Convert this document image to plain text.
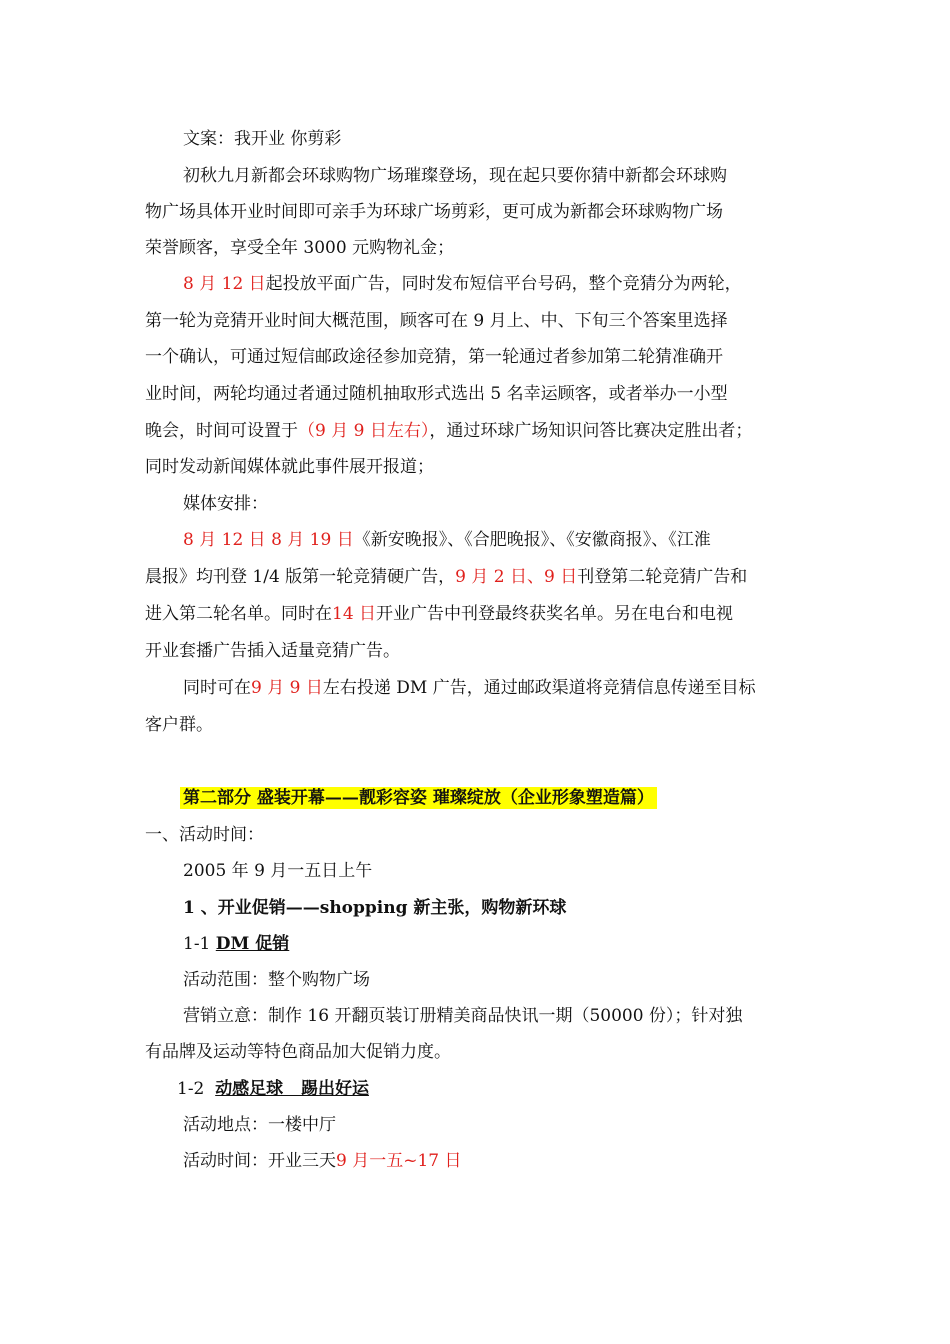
文案：我开业 你剪彩
初秋九月新都会环球购物广场璀璨登场，现在起只要你猜中新都会环球购
物广场具体开业时间即可亲手为环球广场剪彩，更可成为新都会环球购物广场
荣誉顾客，享受全年 3000 元购物礼金；
8 月 12 日起投放平面广告，同时发布短信平台号码，整个竞猜分为两轮，
第一轮为竞猜开业时间大概范围，顾客可在 9 月上、中、下旬三个答案里选择
一个确认，可通过短信邮政途径参加竞猜，第一轮通过者参加第二轮猜准确开
业时间，两轮均通过者通过随机抽取形式选出 5 名幸运顾客，或者举办一小型
晚会，时间可设置于（9 月 9 日左右），通过环球广场知识问答比赛决定胜出者；
同时发动新闻媒体就此事件展开报道；
媒体安排：
8 月 12 日 8 月 19 日《新安晚报》、《合肥晚报》、《安徽商报》、《江淮
晨报》均刊登 1/4 版第一轮竞猜硬广告，9 月 2 日、9 日刊登第二轮竞猜广告和
进入第二轮名单。同时在14 日开业广告中刊登最终获奖名单。另在电台和电视
开业套播广告插入适量竞猜广告。
同时可在9 月 9 日左右投递 DM 广告，通过邮政渠道将竞猜信息传递至目标
客户群。
第二部分 盛装开幕——靓彩容姿 璀璨绽放（企业形象塑造篇）
一、活动时间：
2005 年 9 月一五日上午
1 、开业促销——shopping 新主张，购物新环球
1-1 DM 促销
活动范围：整个购物广场
营销立意：制作 16 开翻页装订册精美商品快讯一期（50000 份）；针对独
有品牌及运动等特色商品加大促销力度。
1-2  动感足球   踢出好运
活动地点：一楼中厅
活动时间：开业三天9 月一五~17 日
